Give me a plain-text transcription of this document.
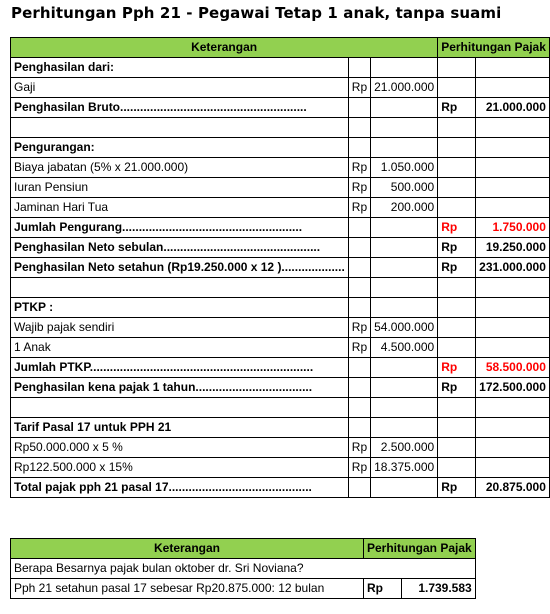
Perhitungan Pph 21 - Pegawai Tetap 1 anak, tanpa suami
Keterangan			Perhitungan Pajak	
Penghasilan dari:				
Gaji	Rp	21.000.000		
Penghasilan Bruto........................................................			Rp	21.000.000

Pengurangan:				
Biaya jabatan (5% x 21.000.000)	Rp	1.050.000		
Iuran Pensiun	Rp	500.000		
Jaminan Hari Tua	Rp	200.000		
Jumlah Pengurang......................................................			Rp	1.750.000
Penghasilan Neto sebulan...............................................			Rp	19.250.000
Penghasilan Neto setahun (Rp19.250.000 x 12 )...................			Rp	231.000.000

PTKP :				
Wajib pajak sendiri	Rp	54.000.000		
1 Anak	Rp	4.500.000		
Jumlah PTKP...................................................................			Rp	58.500.000
Penghasilan kena pajak 1 tahun...................................			Rp	172.500.000

Tarif Pasal 17 untuk PPH 21				
Rp50.000.000 x 5 %	Rp	2.500.000		
Rp122.500.000 x 15%	Rp	18.375.000		
Total pajak pph 21 pasal 17...........................................			Rp	20.875.000
Keterangan	Perhitungan Pajak	
Berapa Besarnya pajak bulan oktober dr. Sri Noviana?		
Pph 21 setahun pasal 17 sebesar Rp20.875.000: 12 bulan	Rp	1.739.583
